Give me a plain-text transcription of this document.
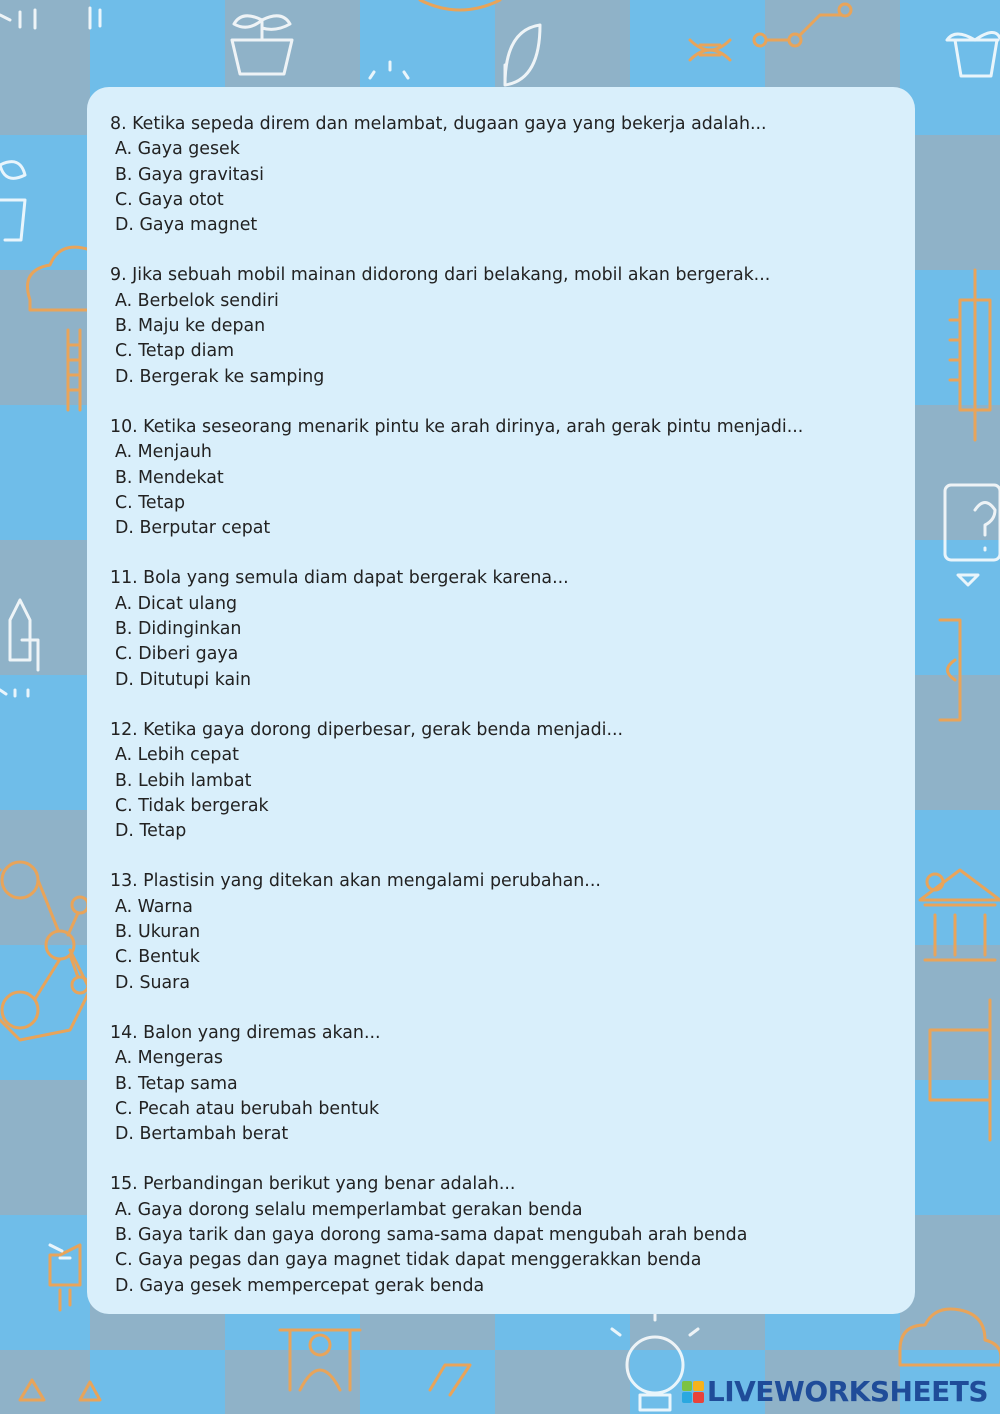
8. Ketika sepeda direm dan melambat, dugaan gaya yang bekerja adalah...
A. Gaya gesek
B. Gaya gravitasi
C. Gaya otot
D. Gaya magnet
9. Jika sebuah mobil mainan didorong dari belakang, mobil akan bergerak...
A. Berbelok sendiri
B. Maju ke depan
C. Tetap diam
D. Bergerak ke samping
10. Ketika seseorang menarik pintu ke arah dirinya, arah gerak pintu menjadi...
A. Menjauh
B. Mendekat
C. Tetap
D. Berputar cepat
11. Bola yang semula diam dapat bergerak karena...
A. Dicat ulang
B. Didinginkan
C. Diberi gaya
D. Ditutupi kain
12. Ketika gaya dorong diperbesar, gerak benda menjadi...
A. Lebih cepat
B. Lebih lambat
C. Tidak bergerak
D. Tetap
13. Plastisin yang ditekan akan mengalami perubahan...
A. Warna
B. Ukuran
C. Bentuk
D. Suara
14. Balon yang diremas akan...
A. Mengeras
B. Tetap sama
C. Pecah atau berubah bentuk
D. Bertambah berat
15. Perbandingan berikut yang benar adalah...
A. Gaya dorong selalu memperlambat gerakan benda
B. Gaya tarik dan gaya dorong sama-sama dapat mengubah arah benda
C. Gaya pegas dan gaya magnet tidak dapat menggerakkan benda
D. Gaya gesek mempercepat gerak benda
LIVEWORKSHEETS
